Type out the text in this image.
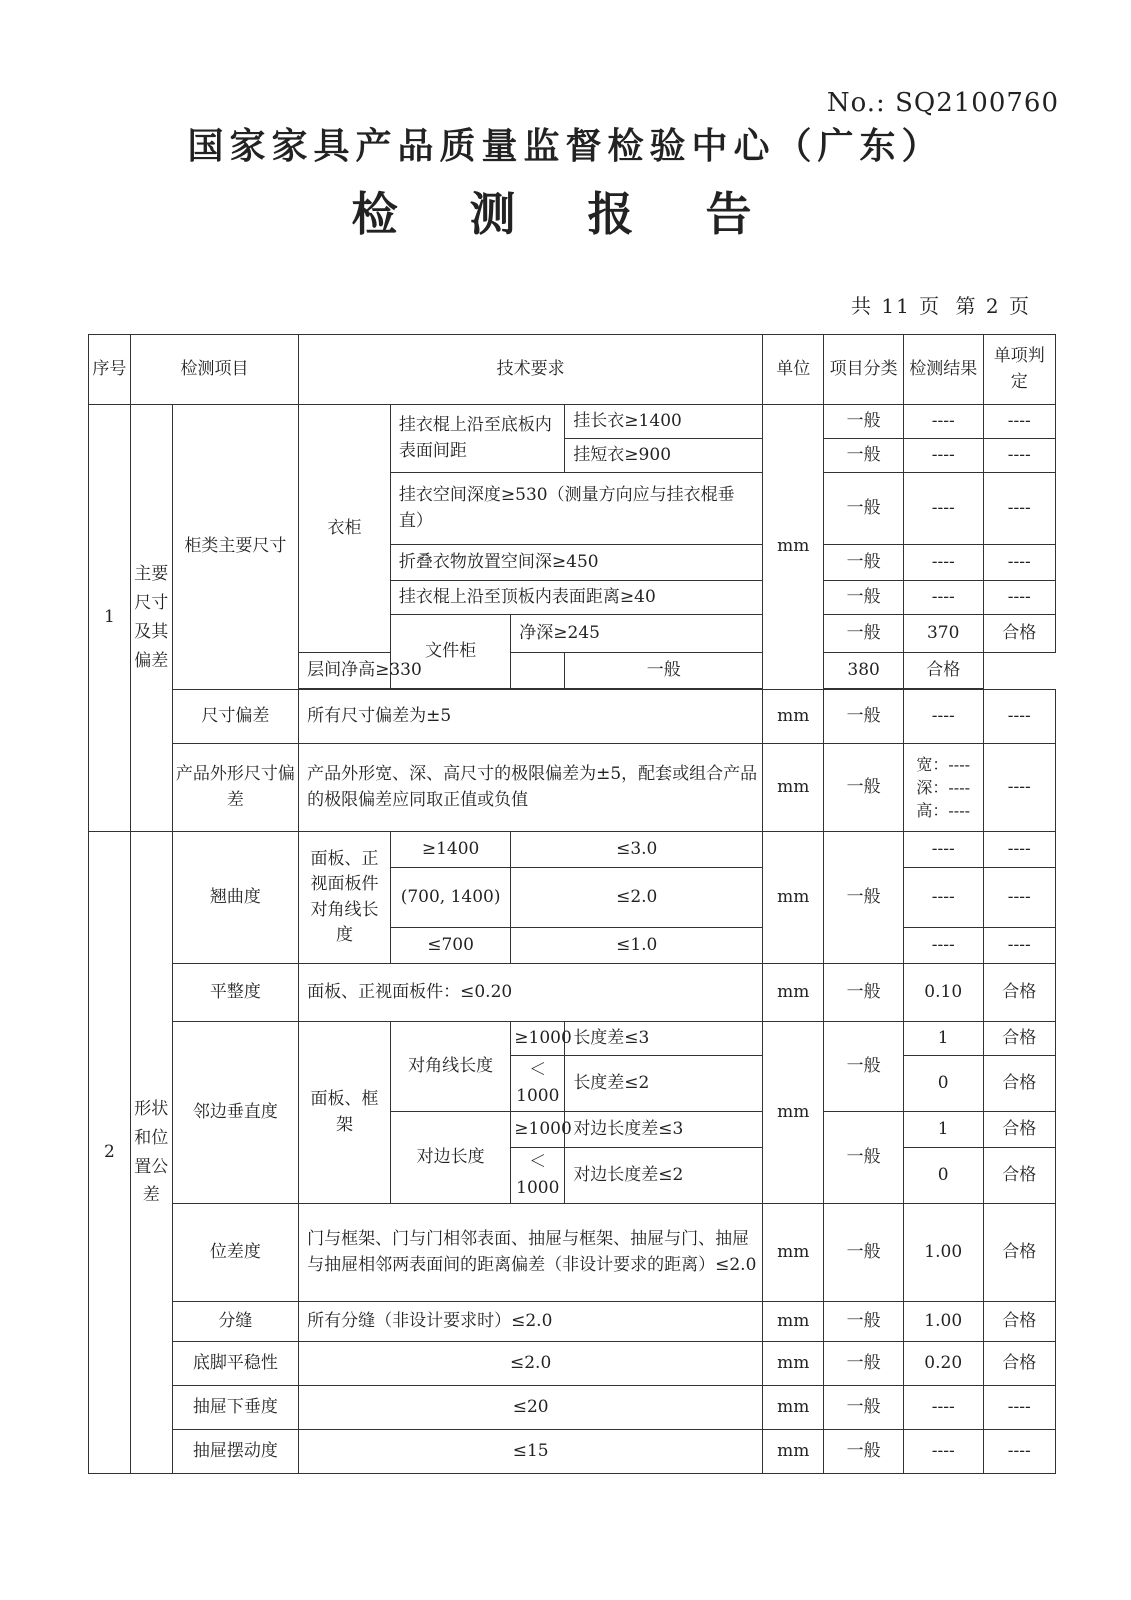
No.: SQ2100760
国家家具产品质量监督检验中心（广东）
检 测 报 告
共 11 页 第 2 页
序号	检测项目		技术要求				单位	项目分类	检测结果	单项判定
1	主要尺寸及其偏差	柜类主要尺寸	衣柜	挂衣棍上沿至底板内表面间距		挂长衣≥1400	mm	一般	----	----
						挂短衣≥900		一般	----	----
				挂衣空间深度≥530（测量方向应与挂衣棍垂直）				一般	----	----
				折叠衣物放置空间深≥450				一般	----	----
				挂衣棍上沿至顶板内表面距离≥40				一般	----	----
				文件柜	净深≥245			一般	370	合格
			层间净高≥330			一般		380	合格	

		尺寸偏差	所有尺寸偏差为±5				mm	一般	----	----
		产品外形尺寸偏差	产品外形宽、深、高尺寸的极限偏差为±5，配套或组合产品的极限偏差应同取正值或负值				mm	一般	宽：----
深：----
高：----	----
2	形状和位置公差	翘曲度	面板、正视面板件对角线长度	≥1400	≤3.0		mm	一般	----	----
				(700, 1400)	≤2.0				----	----
				≤700	≤1.0				----	----
		平整度	面板、正视面板件：≤0.20				mm	一般	0.10	合格
		邻边垂直度	面板、框架	对角线长度	≥1000	长度差≤3	mm	一般	1	合格
					＜1000	长度差≤2			0	合格
				对边长度	≥1000	对边长度差≤3		一般	1	合格
					＜1000	对边长度差≤2			0	合格
		位差度	门与框架、门与门相邻表面、抽屉与框架、抽屉与门、抽屉与抽屉相邻两表面间的距离偏差（非设计要求的距离）≤2.0				mm	一般	1.00	合格
		分缝	所有分缝（非设计要求时）≤2.0				mm	一般	1.00	合格
		底脚平稳性	≤2.0				mm	一般	0.20	合格
		抽屉下垂度	≤20				mm	一般	----	----
		抽屉摆动度	≤15				mm	一般	----	----
